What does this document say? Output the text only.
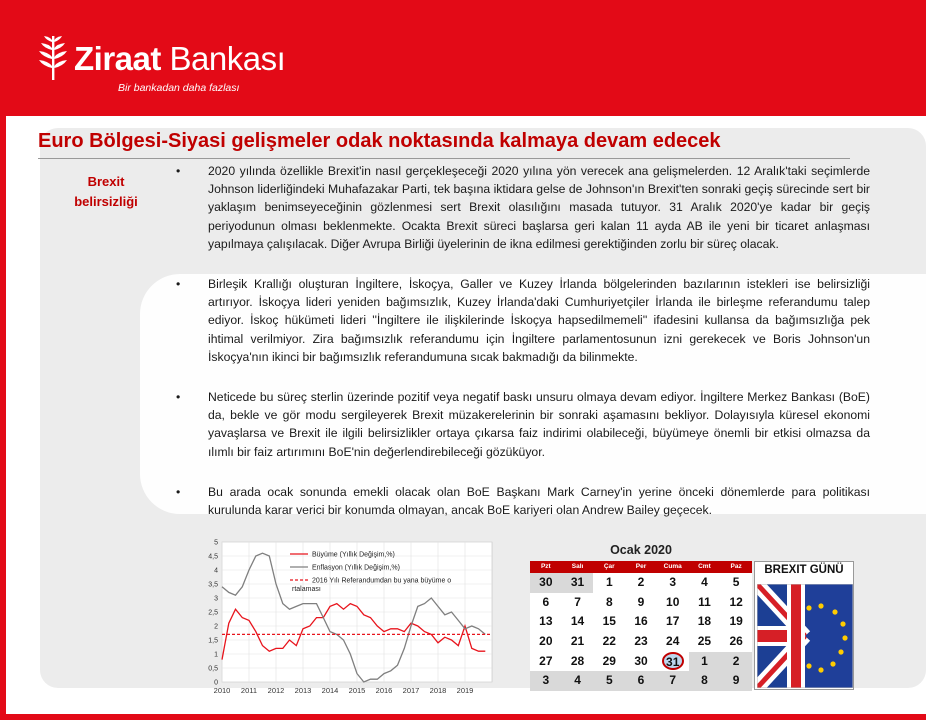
Ziraat Bankası
Bir bankadan daha fazlası
Euro Bölgesi-Siyasi gelişmeler odak noktasında kalmaya devam edecek
Brexit
belirsizliği
• 2020 yılında özellikle Brexit'in nasıl gerçekleşeceği 2020 yılına yön verecek ana gelişmelerden. 12 Aralık'taki seçimlerde Johnson liderliğindeki Muhafazakar Parti, tek başına iktidara gelse de Johnson'ın Brexit'ten sonraki geçiş sürecinde sert bir yaklaşım benimseyeceğinin gözlenmesi sert Brexit olasılığını masada tutuyor. 31 Aralık 2020'ye kadar bir geçiş periyodunun olması beklenmekte. Ocakta Brexit süreci başlarsa geri kalan 11 ayda AB ile yeni bir ticaret anlaşması yapılmaya çalışılacak. Diğer Avrupa Birliği üyelerinin de ikna edilmesi gerektiğinden zorlu bir süreç olacak.
• Birleşik Krallığı oluşturan İngiltere, İskoçya, Galler ve Kuzey İrlanda bölgelerinden bazılarının istekleri ise belirsizliği artırıyor. İskoçya lideri yeniden bağımsızlık, Kuzey İrlanda'daki Cumhuriyetçiler İrlanda ile birleşme referandumu talep ediyor. İskoç hükümeti lideri ''İngiltere ile ilişkilerinde İskoçya hapsedilmemeli'' ifadesini kullansa da bağımsızlığa pek ihtimal verilmiyor. Zira bağımsızlık referandumu için İngiltere parlamentosunun izni gerekecek ve Boris Johnson'un İskoçya'nın ikinci bir bağımsızlık referandumuna sıcak bakmadığı da bilinmekte.
• Neticede bu süreç sterlin üzerinde pozitif veya negatif baskı unsuru olmaya devam ediyor. İngiltere Merkez Bankası (BoE) da, bekle ve gör modu sergileyerek Brexit müzakerelerinin bir sonraki aşamasını bekliyor. Dolayısıyla küresel ekonomi yavaşlarsa ve Brexit ile ilgili belirsizlikler ortaya çıkarsa faiz indirimi olabileceği, büyümeye önemli bir etkisi olmazsa da ılımlı bir faiz artırımını BoE'nin değerlendirebileceği gözüküyor.
• Bu arada ocak sonunda emekli olacak olan BoE Başkanı Mark Carney'in yerine önceki dönemlerde para politikası kurulunda karar verici bir konumda olmayan, ancak BoE kariyeri olan Andrew Bailey geçecek.
0
0,5
1
1,5
2
2,5
3
3,5
4
4,5
5
2010 2011 2012 2013 2014 2015 2016 2017 2018 2019
Büyüme (Yıllık Değişim,%)
Enflasyon (Yıllık Değişim,%)
2016 Yılı Referandumdan bu yana büyüme o
rtalaması
Ocak 2020
Pzt	Salı	Çar	Per	Cuma	Cmt	Paz
30	31	1	2	3	4	5
6	7	8	9	10	11	12
13	14	15	16	17	18	19
20	21	22	23	24	25	26
27	28	29	30	31	1	2
3	4	5	6	7	8	9
BREXIT GÜNÜ
